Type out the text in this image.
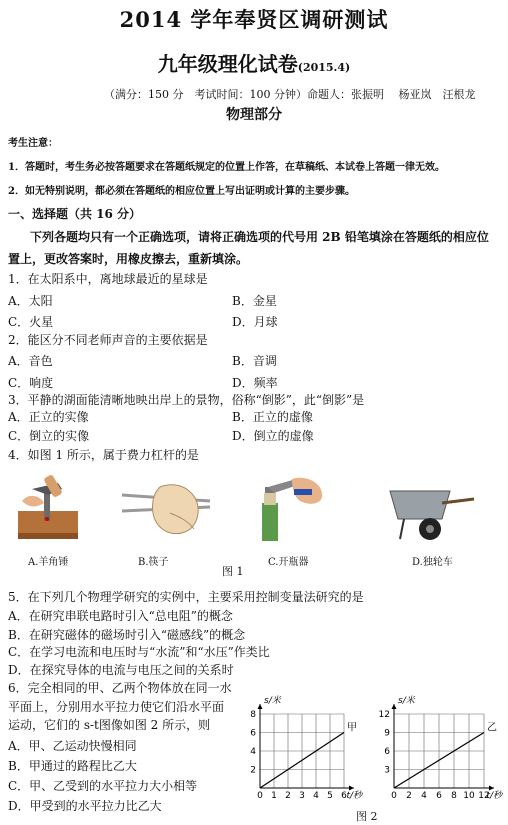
2014 学年奉贤区调研测试
九年级理化试卷(2015.4)
（满分：150 分　考试时间：100 分钟）命题人：张振明　 杨亚岚　汪根龙
物理部分
考生注意：
1．答题时，考生务必按答题要求在答题纸规定的位置上作答，在草稿纸、本试卷上答题一律无效。
2．如无特别说明，都必须在答题纸的相应位置上写出证明或计算的主要步骤。
一、选择题（共 16 分）
下列各题均只有一个正确选项，请将正确选项的代号用 2B 铅笔填涂在答题纸的相应位
置上，更改答案时，用橡皮擦去，重新填涂。
1．在太阳系中，离地球最近的星球是
A．太阳	B．金星
C．火星	D．月球
2．能区分不同老师声音的主要依据是
A．音色	B．音调
C．响度	D．频率
3．平静的湖面能清晰地映出岸上的景物，俗称“倒影”，此“倒影”是
A．正立的实像	B．正立的虚像
C．倒立的实像	D．倒立的虚像
4．如图 1 所示，属于费力杠杆的是
A.羊角锤	B.筷子	C.开瓶器	D.独轮车
图 1
5．在下列几个物理学研究的实例中，主要采用控制变量法研究的是
A．在研究串联电路时引入“总电阻”的概念
B．在研究磁体的磁场时引入“磁感线”的概念
C．在学习电流和电压时与“水流”和“水压”作类比
D．在探究导体的电流与电压之间的关系时
6．完全相同的甲、乙两个物体放在同一水
平面上，分别用水平拉力使它们沿水平面
运动，它们的 s-t图像如图 2 所示，则
A．甲、乙运动快慢相同
B．甲通过的路程比乙大
C．甲、乙受到的水平拉力大小相等
D．甲受到的水平拉力比乙大
0 1 2 3 4 5 6
2
4
6
8
s/米
t/秒
甲
0 2 4 6 8 10 12
3
6
9
12
s/米
t/秒
乙
图 2
